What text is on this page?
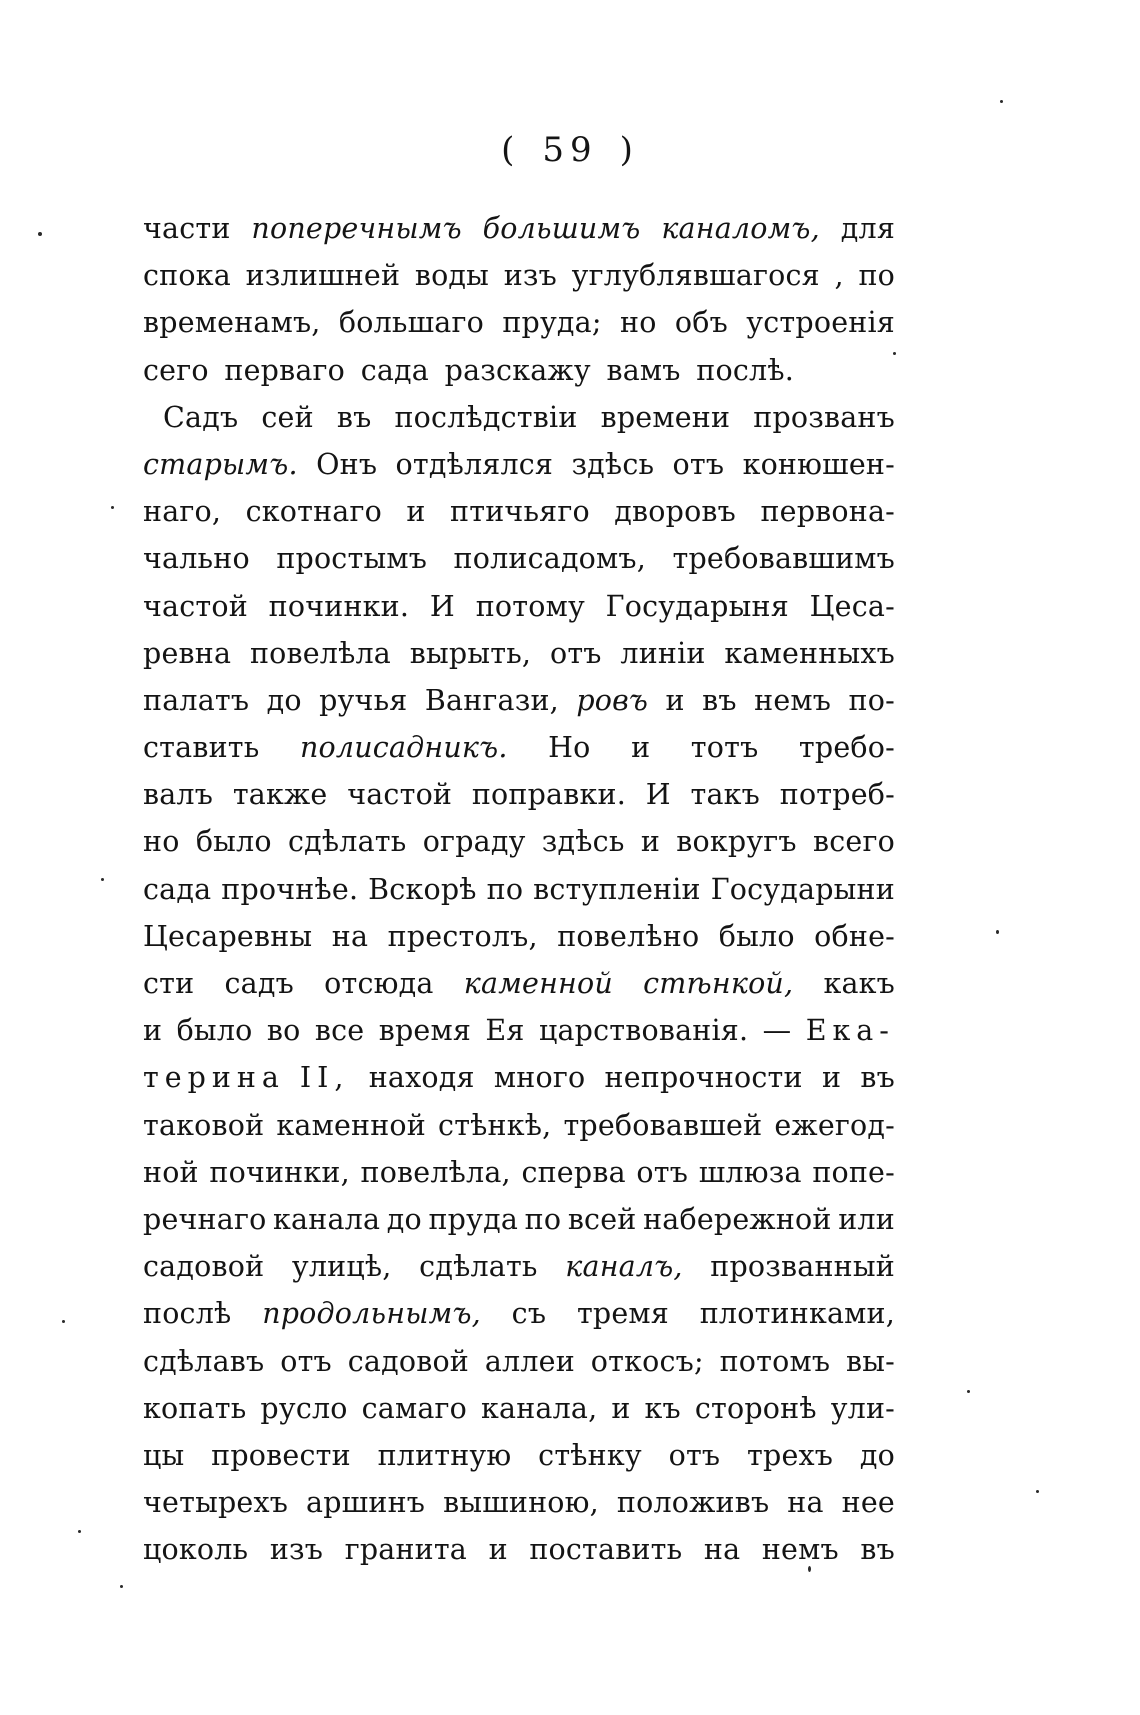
( 59 )
части поперечнымъ большимъ каналомъ, для
спока излишней воды изъ углублявшагося , по
временамъ, большаго пруда; но объ устроенія
сего перваго сада разскажу вамъ послѣ.
Садъ сей въ послѣдствіи времени прозванъ
старымъ. Онъ отдѣлялся здѣсь отъ конюшен-
наго, скотнаго и птичьяго дворовъ первона-
чально простымъ полисадомъ, требовавшимъ
частой починки. И потому Государыня Цеса-
ревна повелѣла вырыть, отъ линіи каменныхъ
палатъ до ручья Вангази, ровъ и въ немъ по-
ставить полисадникъ. Но и тотъ требо-
валъ также частой поправки. И такъ потреб-
но было сдѣлать ограду здѣсь и вокругъ всего
сада прочнѣе. Вскорѣ по вступленіи Государыни
Цесаревны на престолъ, повелѣно было обне-
сти садъ отсюда каменной стѣнкой, какъ
и было во все время Ея царствованія. — Ека-
терина II, находя много непрочности и въ
таковой каменной стѣнкѣ, требовавшей ежегод-
ной починки, повелѣла, сперва отъ шлюза попе-
речнаго канала до пруда по всей набережной или
садовой улицѣ, сдѣлать каналъ, прозванный
послѣ продольнымъ, съ тремя плотинками,
сдѣлавъ отъ садовой аллеи откосъ; потомъ вы-
копать русло самаго канала, и къ сторонѣ ули-
цы провести плитную стѣнку отъ трехъ до
четырехъ аршинъ вышиною, положивъ на нее
цоколь изъ гранита и поставить на немъ въ
